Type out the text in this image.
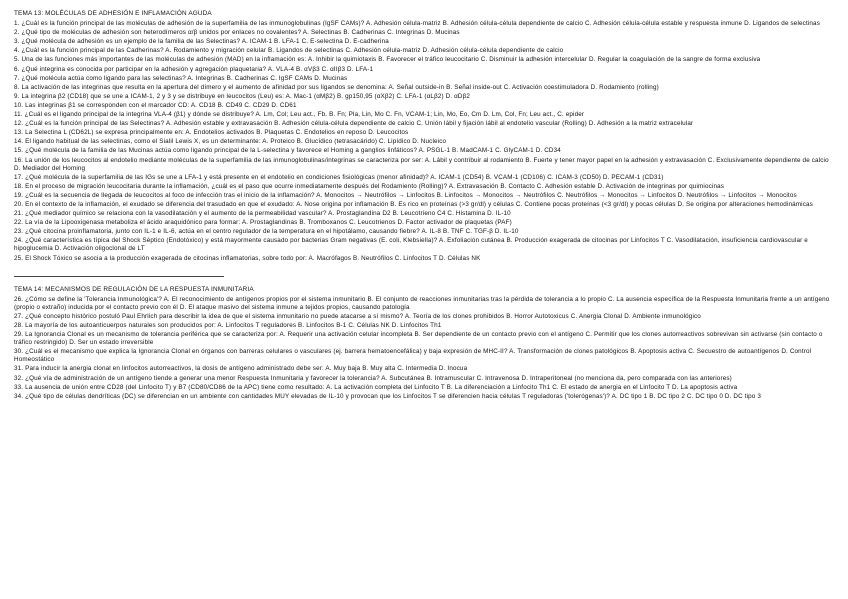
TEMA 13: MOLÉCULAS DE ADHESIÓN E INFLAMACIÓN AGUDA
1. ¿Cuál es la función principal de las moléculas de adhesión de la superfamilia de las inmunoglobulinas (IgSF CAMs)? A. Adhesión célula-matriz B. Adhesión célula-célula dependiente de calcio C. Adhesión célula-célula estable y respuesta inmune D. Ligandos de selectinas
2. ¿Qué tipo de moléculas de adhesión son heterodímeros α/β unidos por enlaces no covalentes? A. Selectinas B. Cadherinas C. Integrinas D. Mucinas
3. ¿Qué molécula de adhesión es un ejemplo de la familia de las Selectinas? A. ICAM-1 B. LFA-1 C. E-selectina D. E-cadherina
4. ¿Cuál es la función principal de las Cadherinas? A. Rodamiento y migración celular B. Ligandos de selectinas C. Adhesión célula-matriz D. Adhesión célula-célula dependiente de calcio
5. Una de las funciones más importantes de las moléculas de adhesión (MAD) en la inflamación es: A. Inhibir la quimiotaxis B. Favorecer el tráfico leucocitario C. Disminuir la adhesión intercelular D. Regular la coagulación de la sangre de forma exclusiva
6. ¿Qué integrina es conocida por participar en la adhesión y agregación plaquetaria? A. VLA-4 B. αVβ3 C. αIIβ3 D. LFA-1
7. ¿Qué molécula actúa como ligando para las selectinas? A. Integrinas B. Cadherinas C. IgSF CAMs D. Mucinas
8. La activación de las integrinas que resulta en la apertura del dímero y el aumento de afinidad por sus ligandos se denomina: A. Señal outside-in B. Señal inside-out C. Activación coestimuladora D. Rodamiento (rolling)
9. La integrina β2 (CD18) que se une a ICAM-1, 2 y 3 y se distribuye en leucocitos (Leu) es: A. Mac-1 (αMβ2) B. gp150,95 (αXβ2) C. LFA-1 (αLβ2) D. αDβ2
10. Las integrinas β1 se corresponden con el marcador CD: A. CD18 B. CD49 C. CD29 D. CD61
11. ¿Cuál es el ligando principal de la integrina VLA-4 (β1) y dónde se distribuye? A. Lm, Col; Leu act., Fb. B. Fn; Pla, Lin, Mo C. Fn, VCAM-1; Lin, Mo, Eo, Cm D. Lm, Col, Fn; Leu act., C. epider
12. ¿Cuál es la función principal de las Selectinas? A. Adhesión estable y extravasación B. Adhesión célula-célula dependiente de calcio C. Unión lábil y fijación lábil al endotelio vascular (Rolling) D. Adhesión a la matriz extracelular
13. La Selectina L (CD62L) se expresa principalmente en: A. Endotelios activados B. Plaquetas C. Endotelios en reposo D. Leucocitos
14. El ligando habitual de las selectinas, como el Sialil Lewis X, es un determinante: A. Proteico B. Glucídico (tetrasacárido) C. Lipídico D. Nucleico
15. ¿Qué molécula de la familia de las Mucinas actúa como ligando principal de la L-selectina y favorece el Homing a ganglios linfáticos? A. PSGL-1 B. MadCAM-1 C. GlyCAM-1 D. CD34
16. La unión de los leucocitos al endotelio mediante moléculas de la superfamilia de las inmunoglobulinas/integrinas se caracteriza por ser: A. Lábil y contribuir al rodamiento B. Fuerte y tener mayor papel en la adhesión y extravasación C. Exclusivamente dependiente de calcio D. Mediador del Homing
17. ¿Qué molécula de la superfamilia de las IGs se une a LFA-1 y está presente en el endotelio en condiciones fisiológicas (menor afinidad)? A. ICAM-1 (CD54) B. VCAM-1 (CD106) C. ICAM-3 (CD50) D. PECAM-1 (CD31)
18. En el proceso de migración leucocitaria durante la inflamación, ¿cuál es el paso que ocurre inmediatamente después del Rodamiento (Rolling)? A. Extravasación B. Contacto C. Adhesión estable D. Activación de integrinas por quimiocinas
19. ¿Cuál es la secuencia de llegada de leucocitos al foco de infección tras el inicio de la inflamación? A. Monocitos → Neutrófilos → Linfocitos B. Linfocitos → Monocitos → Neutrófilos C. Neutrófilos → Monocitos → Linfocitos D. Neutrófilos → Linfocitos → Monocitos
20. En el contexto de la inflamación, el exudado se diferencia del trasudado en que el exudado: A. Nose origina por inflamación B. Es rico en proteínas (>3 gr/dl) y células C. Contiene pocas proteínas (<3 gr/dl) y pocas células D. Se origina por alteraciones hemodinámicas
21. ¿Qué mediador químico se relaciona con la vasodilatación y el aumento de la permeabilidad vascular? A. Prostaglandina D2 B. Leucotrieno C4 C. Histamina D. IL-10
22. La vía de la Lipooxigenasa metaboliza el ácido araquidónico para formar: A. Prostaglandinas B. Tromboxanos C. Leucotrienos D. Factor activador de plaquetas (PAF)
23. ¿Qué citocina proinflamatoria, junto con IL-1 e IL-6, actúa en el centro regulador de la temperatura en el hipotálamo, causando fiebre? A. IL-8 B. TNF C. TGF-β D. IL-10
24. ¿Qué característica es típica del Shock Séptico (Endotóxico) y está mayormente causado por bacterias Gram negativas (E. coli, Klebsiella)? A. Exfoliación cutánea B. Producción exagerada de citocinas por Linfocitos T C. Vasodilatación, insuficiencia cardiovascular e hipoglucemia D. Activación oligoclonal de LT
25. El Shock Tóxico se asocia a la producción exagerada de citocinas inflamatorias, sobre todo por: A. Macrófagos B. Neutrófilos C. Linfocitos T D. Células NK
TEMA 14: MECANISMOS DE REGULACIÓN DE LA RESPUESTA INMUNITARIA
26. ¿Cómo se define la 'Tolerancia Inmunológica'? A. El reconocimiento de antígenos propios por el sistema inmunitario B. El conjunto de reacciones inmunitarias tras la pérdida de tolerancia a lo propio C. La ausencia específica de la Respuesta Inmunitaria frente a un antígeno (propio o extraño) inducida por el contacto previo con él D. El ataque masivo del sistema inmune a tejidos propios, causando patología
27. ¿Qué concepto histórico postuló Paul Ehrlich para describir la idea de que el sistema inmunitario no puede atacarse a sí mismo? A. Teoría de los clones prohibidos B. Horror Autotoxicus C. Anergia Clonal D. Ambiente inmunológico
28. La mayoría de los autoanticuerpos naturales son producidos por: A. Linfocitos T reguladores B. Linfocitos B-1 C. Células NK D. Linfocitos Th1
29. La Ignorancia Clonal es un mecanismo de tolerancia periférica que se caracteriza por: A. Requerir una activación celular incompleta B. Ser dependiente de un contacto previo con el antígeno C. Permitir que los clones autorreactivos sobrevivan sin activarse (sin contacto o tráfico restringido) D. Ser un estado irreversible
30. ¿Cuál es el mecanismo que explica la Ignorancia Clonal en órganos con barreras celulares o vasculares (ej. barrera hematoencefálica) y baja expresión de MHC-II? A. Transformación de clones patológicos B. Apoptosis activa C. Secuestro de autoantígenos D. Control Homeostático
31. Para inducir la anergia clonal en linfocitos autorreactivos, la dosis de antígeno administrado debe ser: A. Muy baja B. Muy alta C. Intermedia D. Inocua
32. ¿Qué vía de administración de un antígeno tiende a generar una menor Respuesta Inmunitaria y favorecer la tolerancia? A. Subcutánea B. Intramuscular C. Intravenosa D. Intraperitoneal (no menciona da, pero comparada con las anteriores)
33. La ausencia de unión entre CD28 (del Linfocito T) y B7 (CD80/CD86 de la APC) tiene como resultado: A. La activación completa del Linfocito T B. La diferenciación a Linfocito Th1 C. El estado de anergia en el Linfocito T D. La apoptosis activa
34. ¿Qué tipo de células dendríticas (DC) se diferencian en un ambiente con cantidades MUY elevadas de IL-10 y provocan que los Linfocitos T se diferencien hacia células T reguladoras ('tolerógenas')? A. DC tipo 1 B. DC tipo 2 C. DC tipo 0 D. DC tipo 3
